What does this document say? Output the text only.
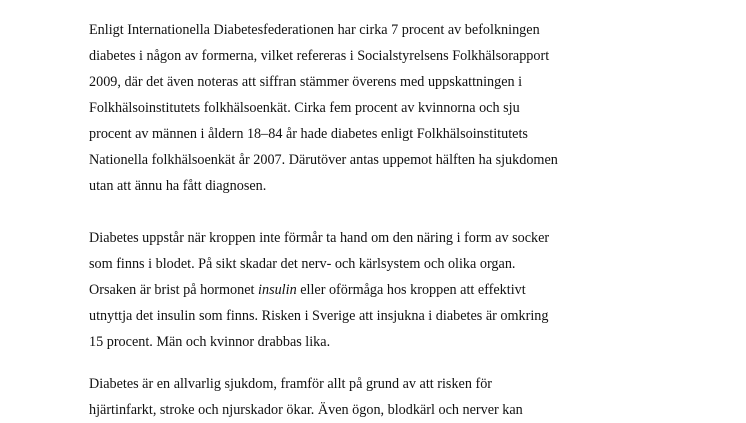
Enligt Internationella Diabetesfederationen har cirka 7 procent av befolkningen
diabetes i någon av formerna, vilket refereras i Socialstyrelsens Folkhälsorapport
2009, där det även noteras att siffran stämmer överens med uppskattningen i
Folkhälsoinstitutets folkhälsoenkät. Cirka fem procent av kvinnorna och sju
procent av männen i åldern 18–84 år hade diabetes enligt Folkhälsoinstitutets
Nationella folkhälsoenkät år 2007. Därutöver antas uppemot hälften ha sjukdomen
utan att ännu ha fått diagnosen.

Diabetes uppstår när kroppen inte förmår ta hand om den näring i form av socker
som finns i blodet. På sikt skadar det nerv- och kärlsystem och olika organ.
Orsaken är brist på hormonet insulin eller oförmåga hos kroppen att effektivt
utnyttja det insulin som finns. Risken i Sverige att insjukna i diabetes är omkring
15 procent. Män och kvinnor drabbas lika.

Diabetes är en allvarlig sjukdom, framför allt på grund av att risken för
hjärtinfarkt, stroke och njurskador ökar. Även ögon, blodkärl och nerver kan
